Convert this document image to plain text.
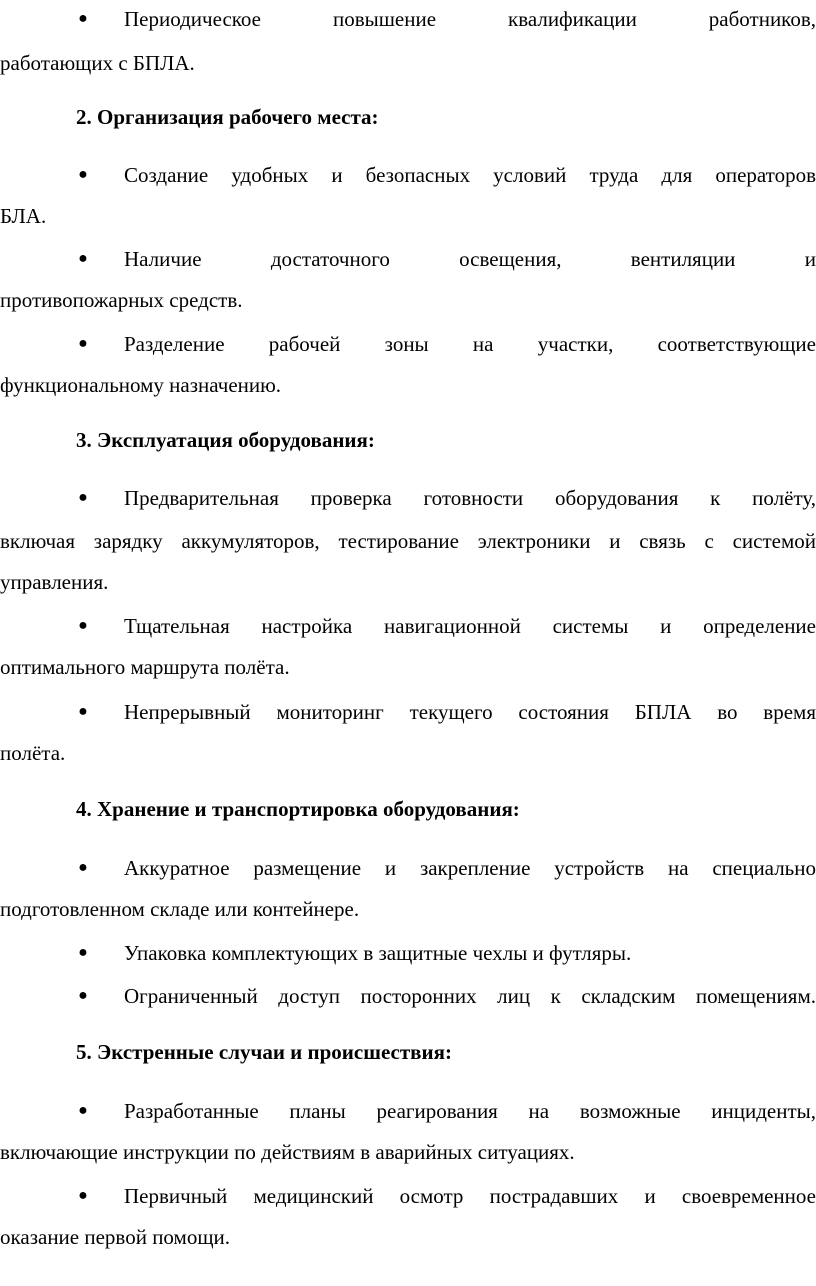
● Периодическое повышение квалификации работников,
работающих с БПЛА.
2. Организация рабочего места:
● Создание удобных и безопасных условий труда для операторов
БЛА.
● Наличие достаточного освещения, вентиляции и
противопожарных средств.
● Разделение рабочей зоны на участки, соответствующие
функциональному назначению.
3. Эксплуатация оборудования:
● Предварительная проверка готовности оборудования к полёту,
включая зарядку аккумуляторов, тестирование электроники и связь с системой
управления.
● Тщательная настройка навигационной системы и определение
оптимального маршрута полёта.
● Непрерывный мониторинг текущего состояния БПЛА во время
полёта.
4. Хранение и транспортировка оборудования:
● Аккуратное размещение и закрепление устройств на специально
подготовленном складе или контейнере.
● Упаковка комплектующих в защитные чехлы и футляры.
● Ограниченный доступ посторонних лиц к складским помещениям.
5. Экстренные случаи и происшествия:
● Разработанные планы реагирования на возможные инциденты,
включающие инструкции по действиям в аварийных ситуациях.
● Первичный медицинский осмотр пострадавших и своевременное
оказание первой помощи.
